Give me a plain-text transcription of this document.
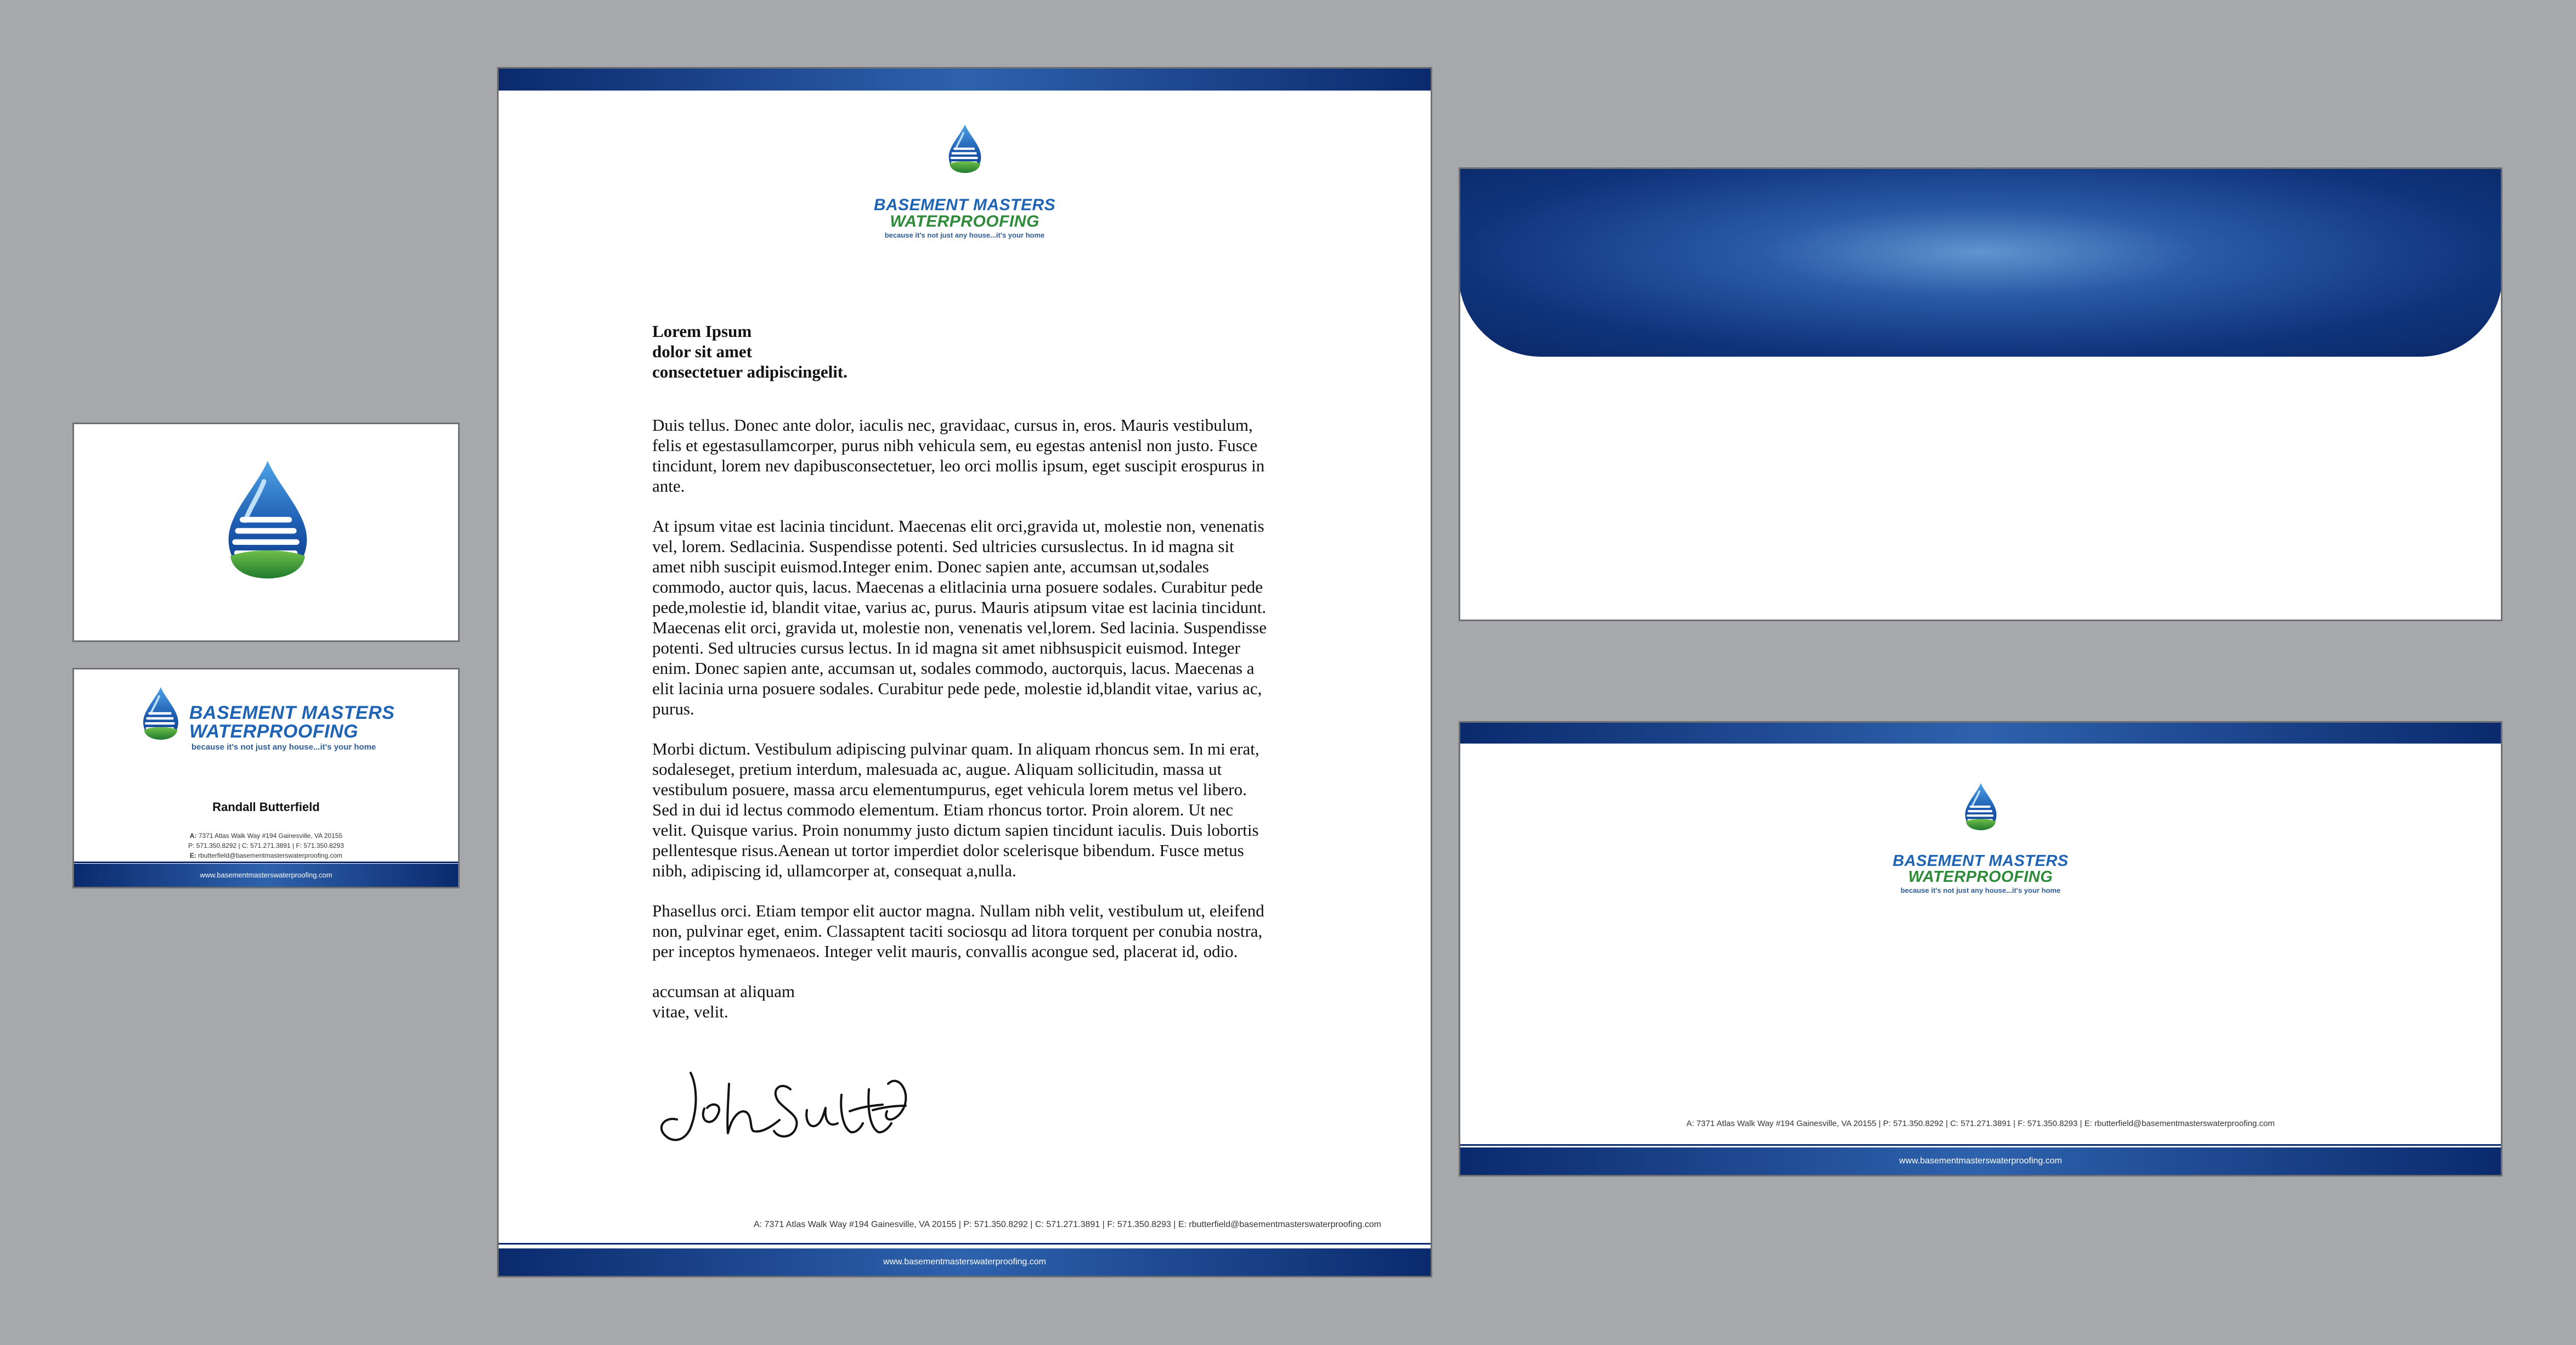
BASEMENT MASTERS
WATERPROOFING
because it's not just any house...it's your home
Randall Butterfield
A: 7371 Atlas Walk Way #194 Gainesville, VA 20155
P: 571.350.8292 | C: 571.271.3891 | F: 571.350.8293
E: rbutterfield@basementmasterswaterproofing.com
www.basementmasterswaterproofing.com
BASEMENT MASTERS
WATERPROOFING
because it's not just any house...it's your home
Lorem Ipsum
dolor sit amet
consectetuer adipiscingelit.

Duis tellus. Donec ante dolor, iaculis nec, gravidaac, cursus in, eros. Mauris vestibulum, felis et egestasullamcorper, purus nibh vehicula sem, eu egestas antenisl non justo. Fusce tincidunt, lorem nev dapibusconsectetuer, leo orci mollis ipsum, eget suscipit erospurus in ante.

At ipsum vitae est lacinia tincidunt. Maecenas elit orci,gravida ut, molestie non, venenatis vel, lorem. Sedlacinia. Suspendisse potenti. Sed ultricies cursuslectus. In id magna sit amet nibh suscipit euismod.Integer enim. Donec sapien ante, accumsan ut,sodales commodo, auctor quis, lacus. Maecenas a elitlacinia urna posuere sodales. Curabitur pede pede,molestie id, blandit vitae, varius ac, purus. Mauris atipsum vitae est lacinia tincidunt. Maecenas elit orci, gravida ut, molestie non, venenatis vel,lorem. Sed lacinia. Suspendisse potenti. Sed ultrucies cursus lectus. In id magna sit amet nibhsuspicit euismod. Integer enim. Donec sapien ante, accumsan ut, sodales commodo, auctorquis, lacus. Maecenas a elit lacinia urna posuere sodales. Curabitur pede pede, molestie id,blandit vitae, varius ac, purus.

Morbi dictum. Vestibulum adipiscing pulvinar quam. In aliquam rhoncus sem. In mi erat, sodaleseget, pretium interdum, malesuada ac, augue. Aliquam sollicitudin, massa ut vestibulum posuere, massa arcu elementumpurus, eget vehicula lorem metus vel libero. Sed in dui id lectus commodo elementum. Etiam rhoncus tortor. Proin alorem. Ut nec velit. Quisque varius. Proin nonummy justo dictum sapien tincidunt iaculis. Duis lobortis pellentesque risus.Aenean ut tortor imperdiet dolor scelerisque bibendum. Fusce metus nibh, adipiscing id, ullamcorper at, consequat a,nulla.

Phasellus orci. Etiam tempor elit auctor magna. Nullam nibh velit, vestibulum ut, eleifend non, pulvinar eget, enim. Classaptent taciti sociosqu ad litora torquent per conubia nostra, per inceptos hymenaeos. Integer velit mauris, convallis acongue sed, placerat id, odio.

accumsan at aliquam
vitae, velit.
A: 7371 Atlas Walk Way #194 Gainesville, VA 20155 | P: 571.350.8292 | C: 571.271.3891 | F: 571.350.8293 | E: rbutterfield@basementmasterswaterproofing.com
www.basementmasterswaterproofing.com
BASEMENT MASTERS
WATERPROOFING
because it's not just any house...it's your home
A: 7371 Atlas Walk Way #194 Gainesville, VA 20155 | P: 571.350.8292 | C: 571.271.3891 | F: 571.350.8293 | E: rbutterfield@basementmasterswaterproofing.com
www.basementmasterswaterproofing.com
